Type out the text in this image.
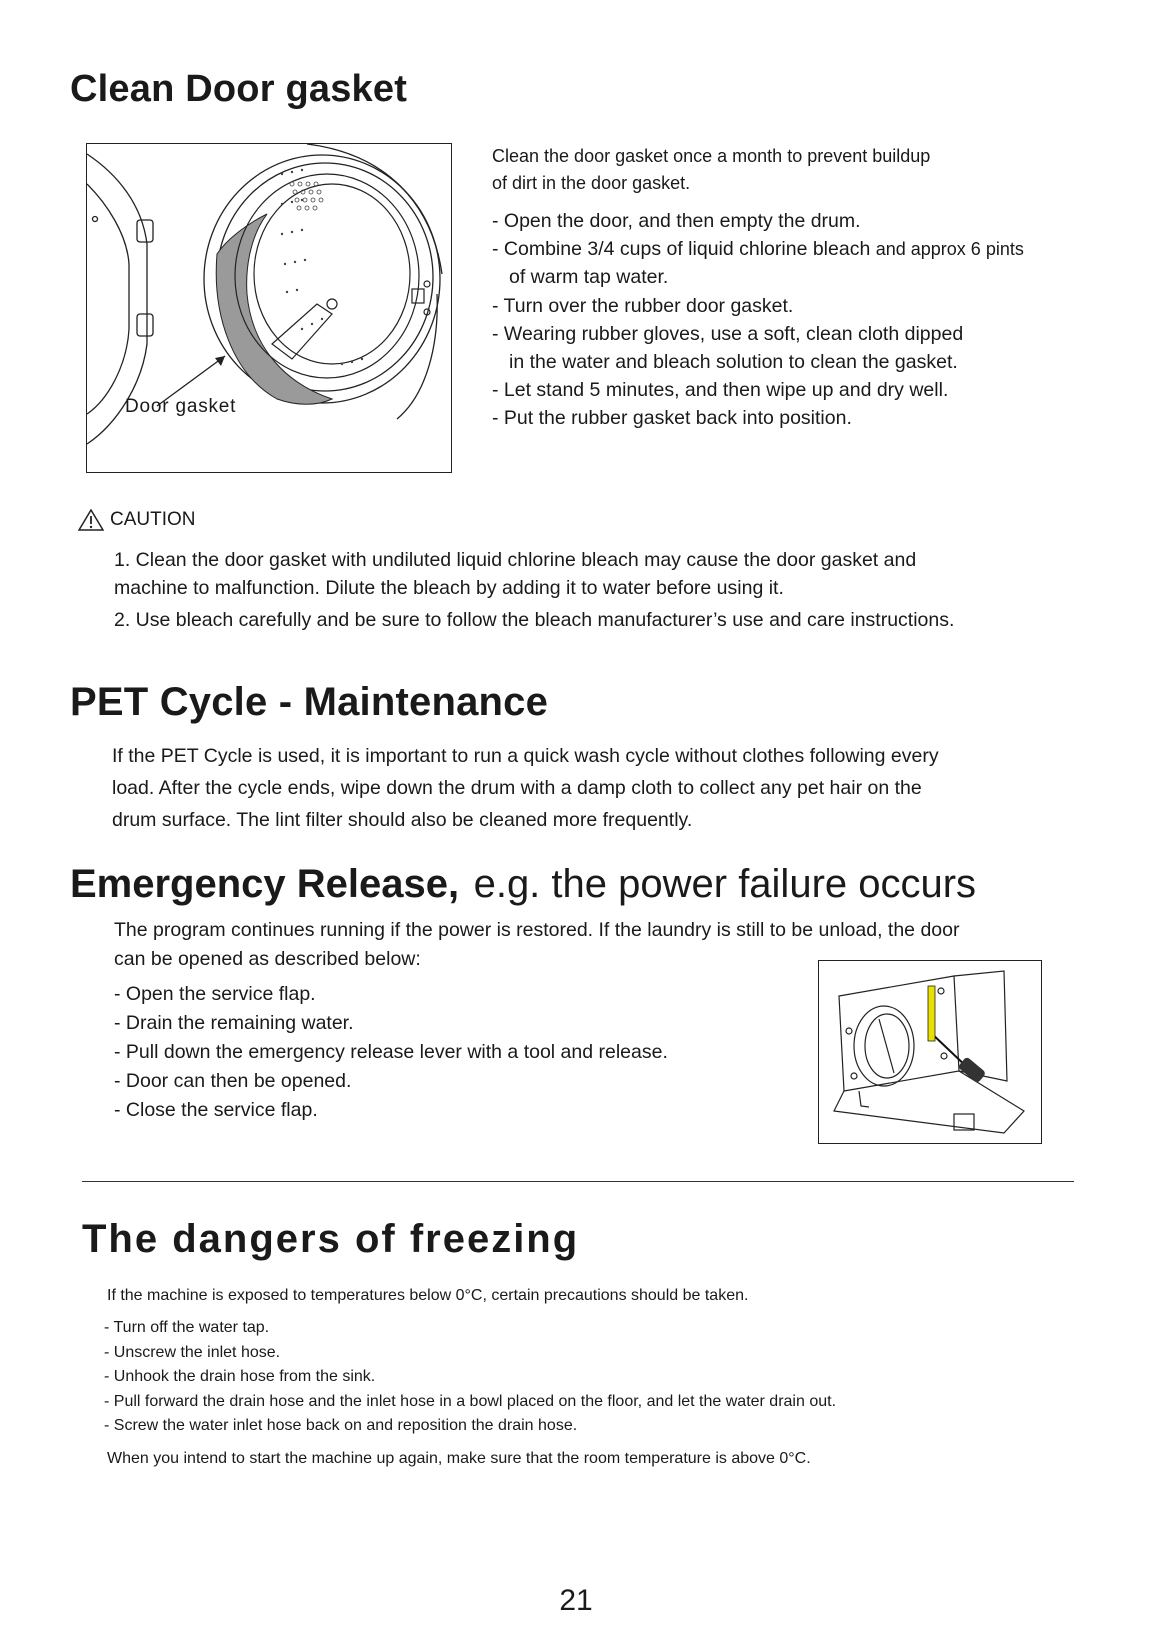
Clean Door gasket
Door gasket
Clean the door gasket once a month to prevent buildup
of dirt in the door gasket.
- Open the door, and then empty the drum.
- Combine 3/4 cups of liquid chlorine bleach and approx 6 pints
of warm tap water.
- Turn over the rubber door gasket.
- Wearing rubber gloves, use a soft, clean cloth dipped
in the water and bleach solution to clean the gasket.
- Let stand 5 minutes, and then wipe up and dry well.
- Put the rubber gasket back into position.
CAUTION
1. Clean the door gasket with undiluted liquid chlorine bleach may cause the door gasket and
machine to malfunction. Dilute the bleach by adding it to water before using it.
2. Use bleach carefully and be sure to follow the bleach manufacturer’s use and care instructions.
PET Cycle - Maintenance
If the PET Cycle is used, it is important to run a quick wash cycle without clothes following every
load. After the cycle ends, wipe down the drum with a damp cloth to collect any pet hair on the
drum surface. The lint filter should also be cleaned more frequently.
Emergency Release, e.g. the power failure occurs
The program continues running if the power is restored. If the laundry is still to be unload, the door
can be opened as described below:
- Open the service flap.
- Drain the remaining water.
- Pull down the emergency release lever with a tool and release.
- Door can then be opened.
- Close the service flap.
The dangers of freezing
If the machine is exposed to temperatures below 0°C, certain precautions should be taken.
- Turn off the water tap.
- Unscrew the inlet hose.
- Unhook the drain hose from the sink.
- Pull forward the drain hose and the inlet hose in a bowl placed on the floor, and let the water drain out.
- Screw the water inlet hose back on and reposition the drain hose.
When you intend to start the machine up again, make sure that the room temperature is above 0°C.
21
